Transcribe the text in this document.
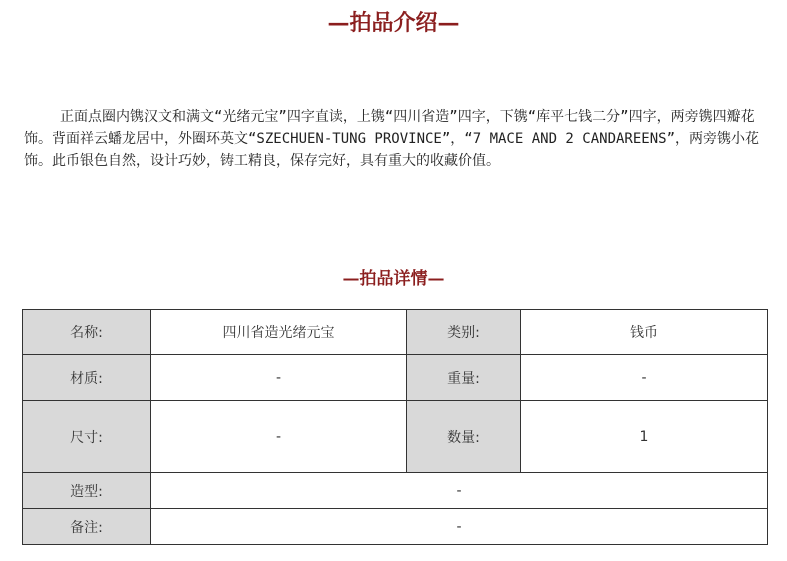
—拍品介绍—

正面点圈内镌汉文和满文“光绪元宝”四字直读，上镌“四川省造”四字，下镌“库平七钱二分”四字，两旁镌四瓣花饰。背面祥云蟠龙居中，外圈环英文“SZECHUEN-TUNG PROVINCE”，“7 MACE AND 2 CANDAREENS”，两旁镌小花饰。此币银色自然，设计巧妙，铸工精良，保存完好，具有重大的收藏价值。

—拍品详情—
名称:	四川省造光绪元宝	类别:	钱币
材质:	-	重量:	-
尺寸:	-	数量:	1
造型:	-		
备注:	-		
